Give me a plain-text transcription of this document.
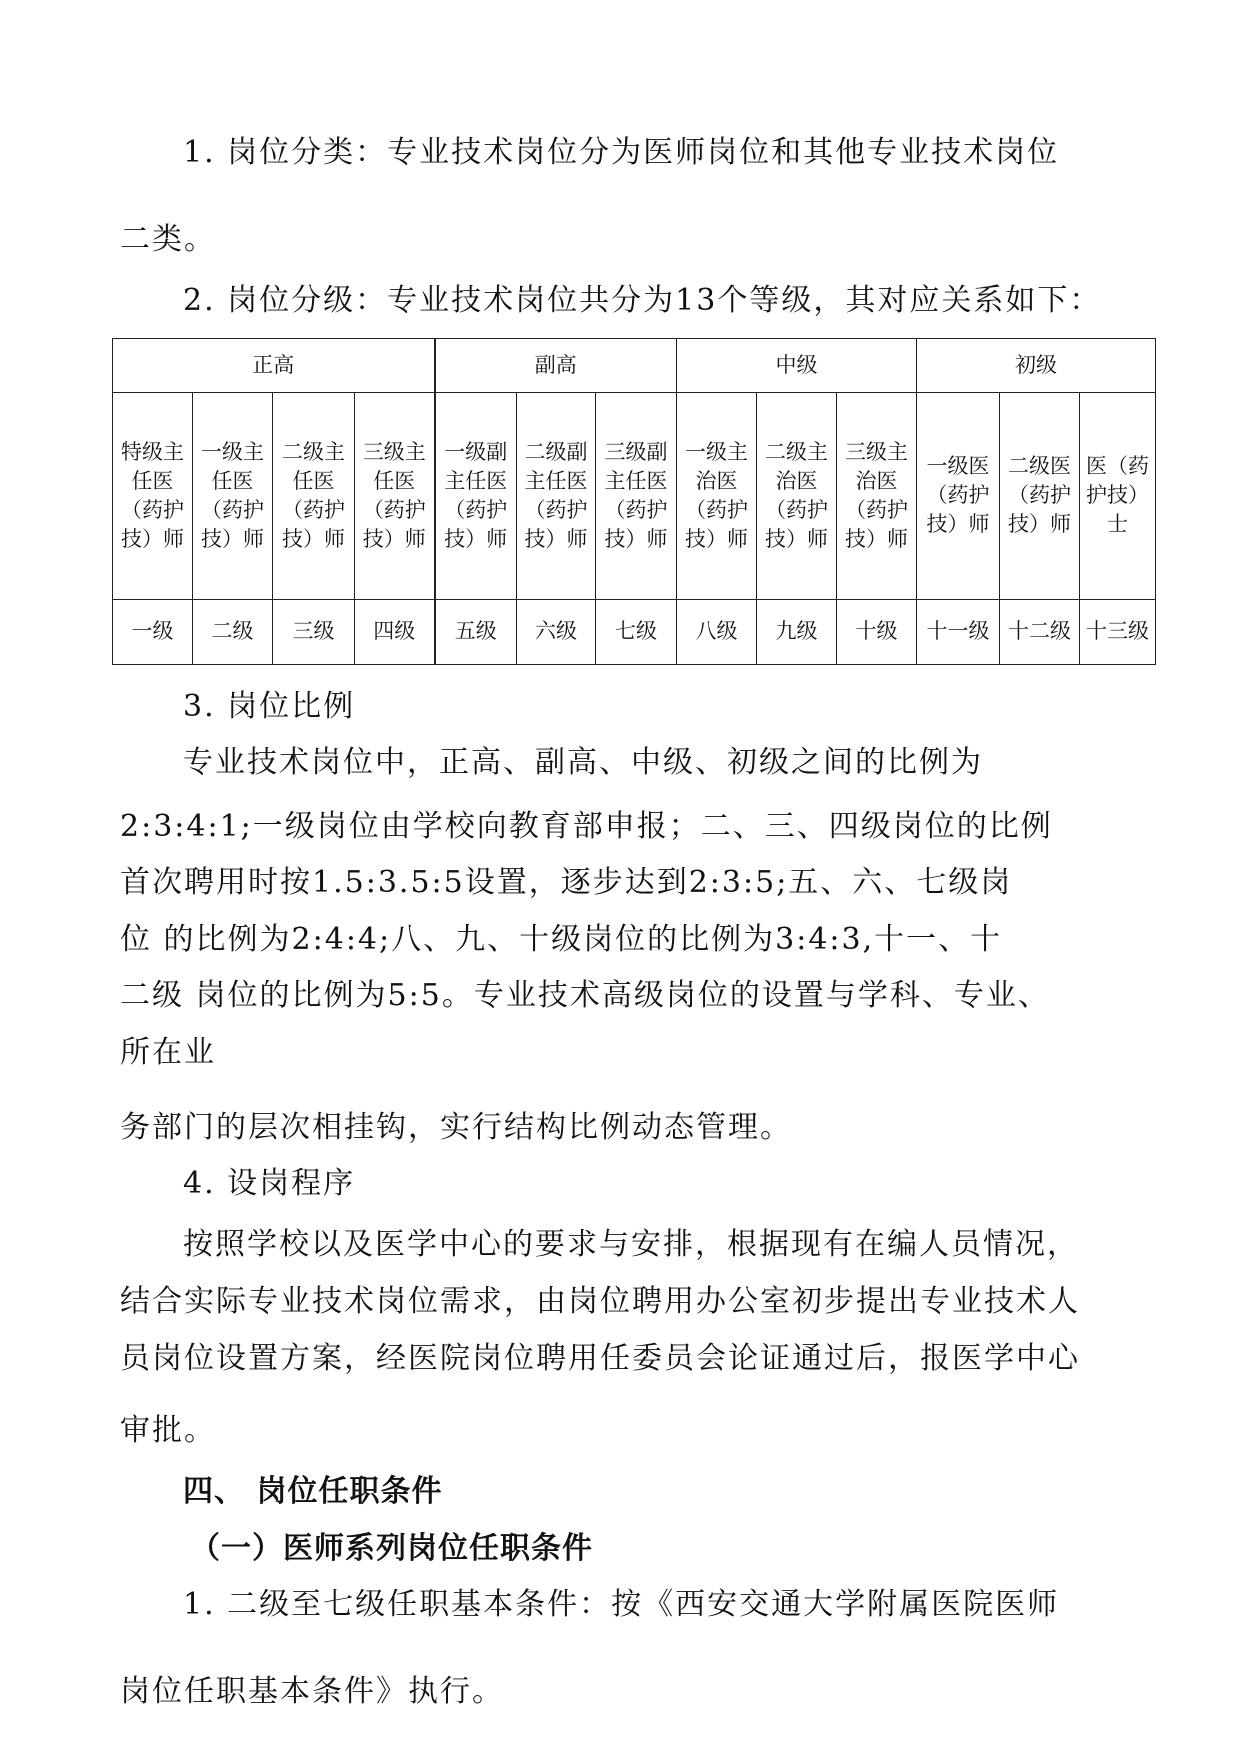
1. 岗位分类：专业技术岗位分为医师岗位和其他专业技术岗位
二类。
2. 岗位分级：专业技术岗位共分为13个等级，其对应关系如下：
正高				副高			中级			初级		
特级主
任医
（药护
技）师	一级主
任医
（药护
技）师	二级主
任医
（药护
技）师	三级主
任医
（药护
技）师	一级副
主任医
（药护
技）师	二级副
主任医
（药护
技）师	三级副
主任医
（药护
技）师	一级主
治医
（药护
技）师	二级主
治医
（药护
技）师	三级主
治医
（药护
技）师	一级医
（药护
技）师	二级医
（药护
技）师	医（药
护技）
士
一级	二级	三级	四级	五级	六级	七级	八级	九级	十级	十一级	十二级	十三级
3. 岗位比例
专业技术岗位中，正高、副高、中级、初级之间的比例为
2:3:4:1;一级岗位由学校向教育部申报；二、三、四级岗位的比例
首次聘用时按1.5:3.5:5设置，逐步达到2:3:5;五、六、七级岗
位 的比例为2:4:4;八、九、十级岗位的比例为3:4:3,十一、十
二级 岗位的比例为5:5。专业技术高级岗位的设置与学科、专业、
所在业
务部门的层次相挂钩，实行结构比例动态管理。
4. 设岗程序
按照学校以及医学中心的要求与安排，根据现有在编人员情况，
结合实际专业技术岗位需求，由岗位聘用办公室初步提出专业技术人
员岗位设置方案，经医院岗位聘用任委员会论证通过后，报医学中心
审批。
四、 岗位任职条件
（一）医师系列岗位任职条件
1. 二级至七级任职基本条件：按《西安交通大学附属医院医师
岗位任职基本条件》执行。
